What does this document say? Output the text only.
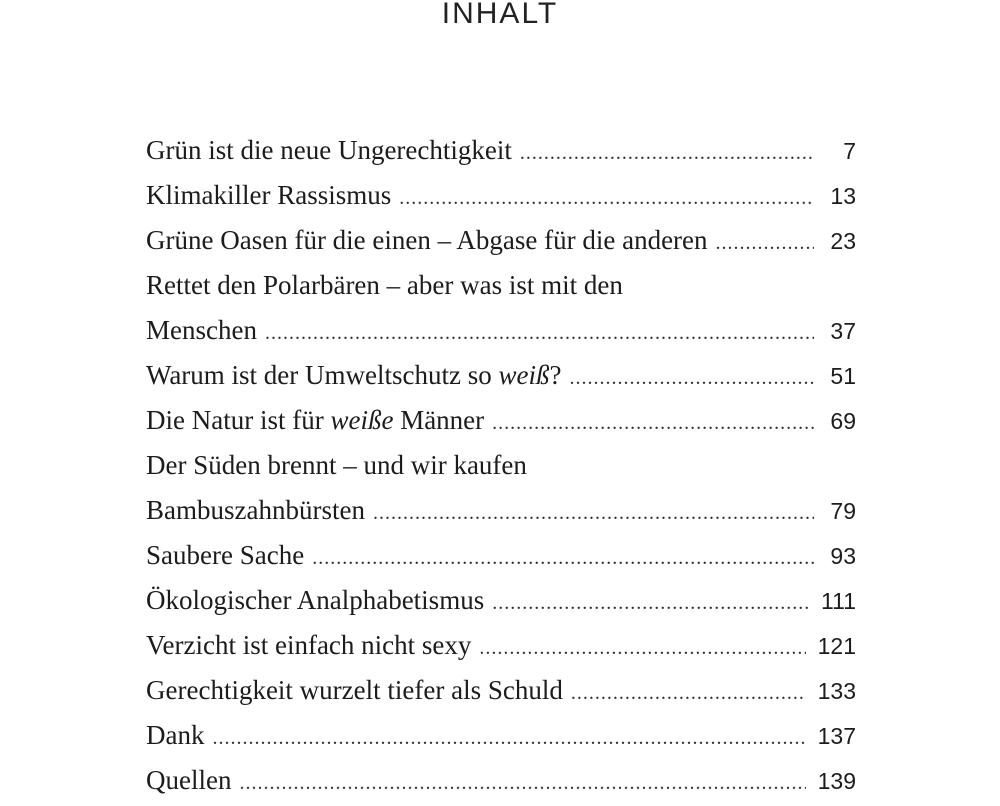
INHALT
Grün ist die neue Ungerechtigkeit .....	7
Klimakiller Rassismus .....	13
Grüne Oasen für die einen – Abgase für die anderen .....	23
Rettet den Polarbären – aber was ist mit den
Menschen .....	37
Warum ist der Umweltschutz so weiß? .....	51
Die Natur ist für weiße Männer .....	69
Der Süden brennt – und wir kaufen
Bambuszahnbürsten .....	79
Saubere Sache .....	93
Ökologischer Analphabetismus .....	111
Verzicht ist einfach nicht sexy .....	121
Gerechtigkeit wurzelt tiefer als Schuld .....	133
Dank .....	137
Quellen .....	139
